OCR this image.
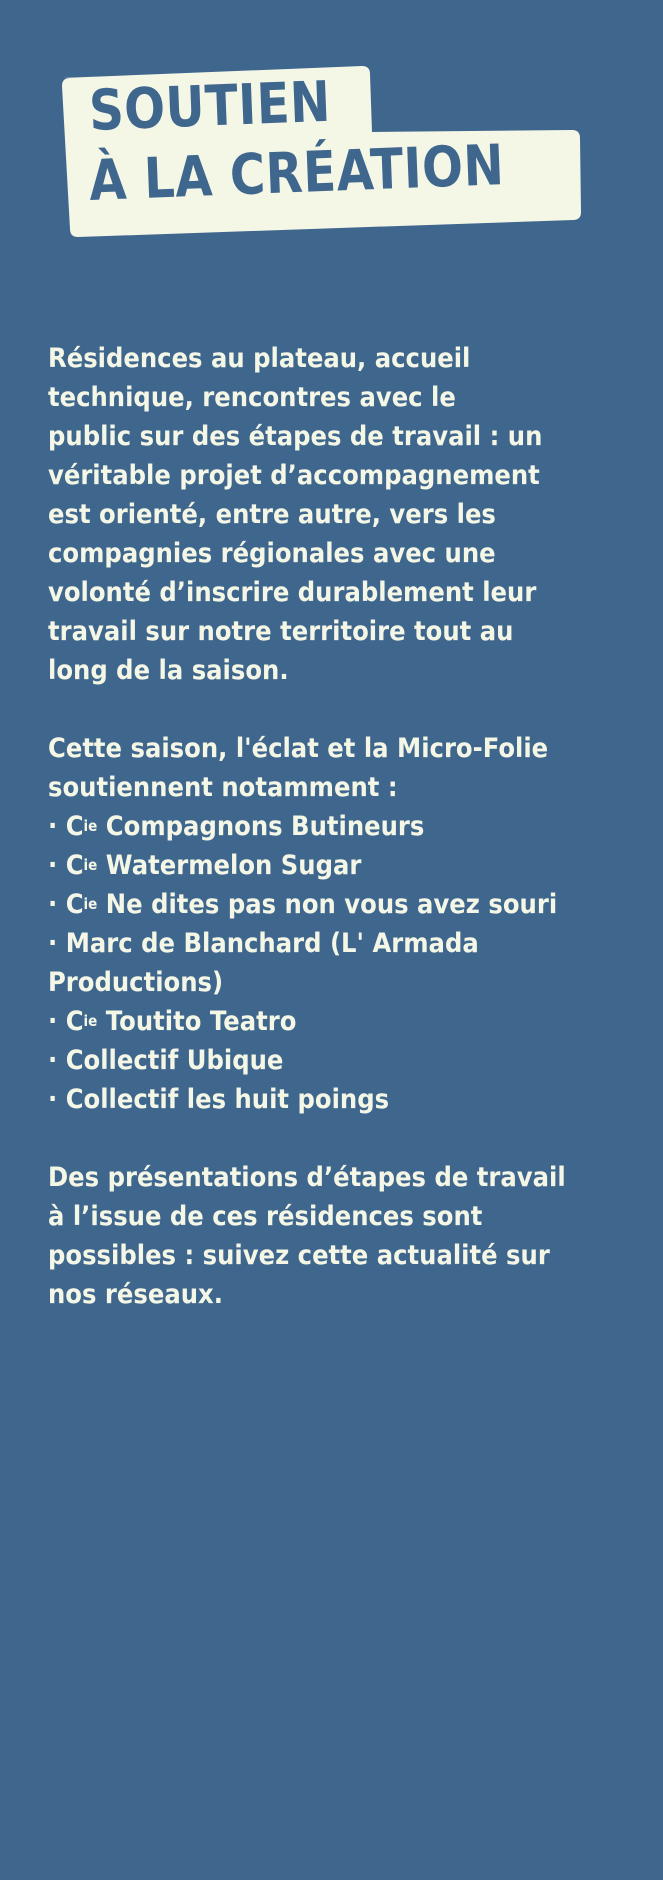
SOUTIEN
À LA CRÉATION

Résidences au plateau, accueil
technique, rencontres avec le
public sur des étapes de travail : un
véritable projet d’accompagnement
est orienté, entre autre, vers les
compagnies régionales avec une
volonté d’inscrire durablement leur
travail sur notre territoire tout au
long de la saison.

Cette saison, l'éclat et la Micro-Folie
soutiennent notamment :
· $C^{ie}$ Compagnons Butineurs
· $C^{ie}$ Watermelon Sugar
· $C^{ie}$ Ne dites pas non vous avez souri
· Marc de Blanchard (L' Armada
Productions)
· $C^{ie}$ Toutito Teatro
· Collectif Ubique
· Collectif les huit poings

Des présentations d’étapes de travail
à l’issue de ces résidences sont
possibles : suivez cette actualité sur
nos réseaux.
